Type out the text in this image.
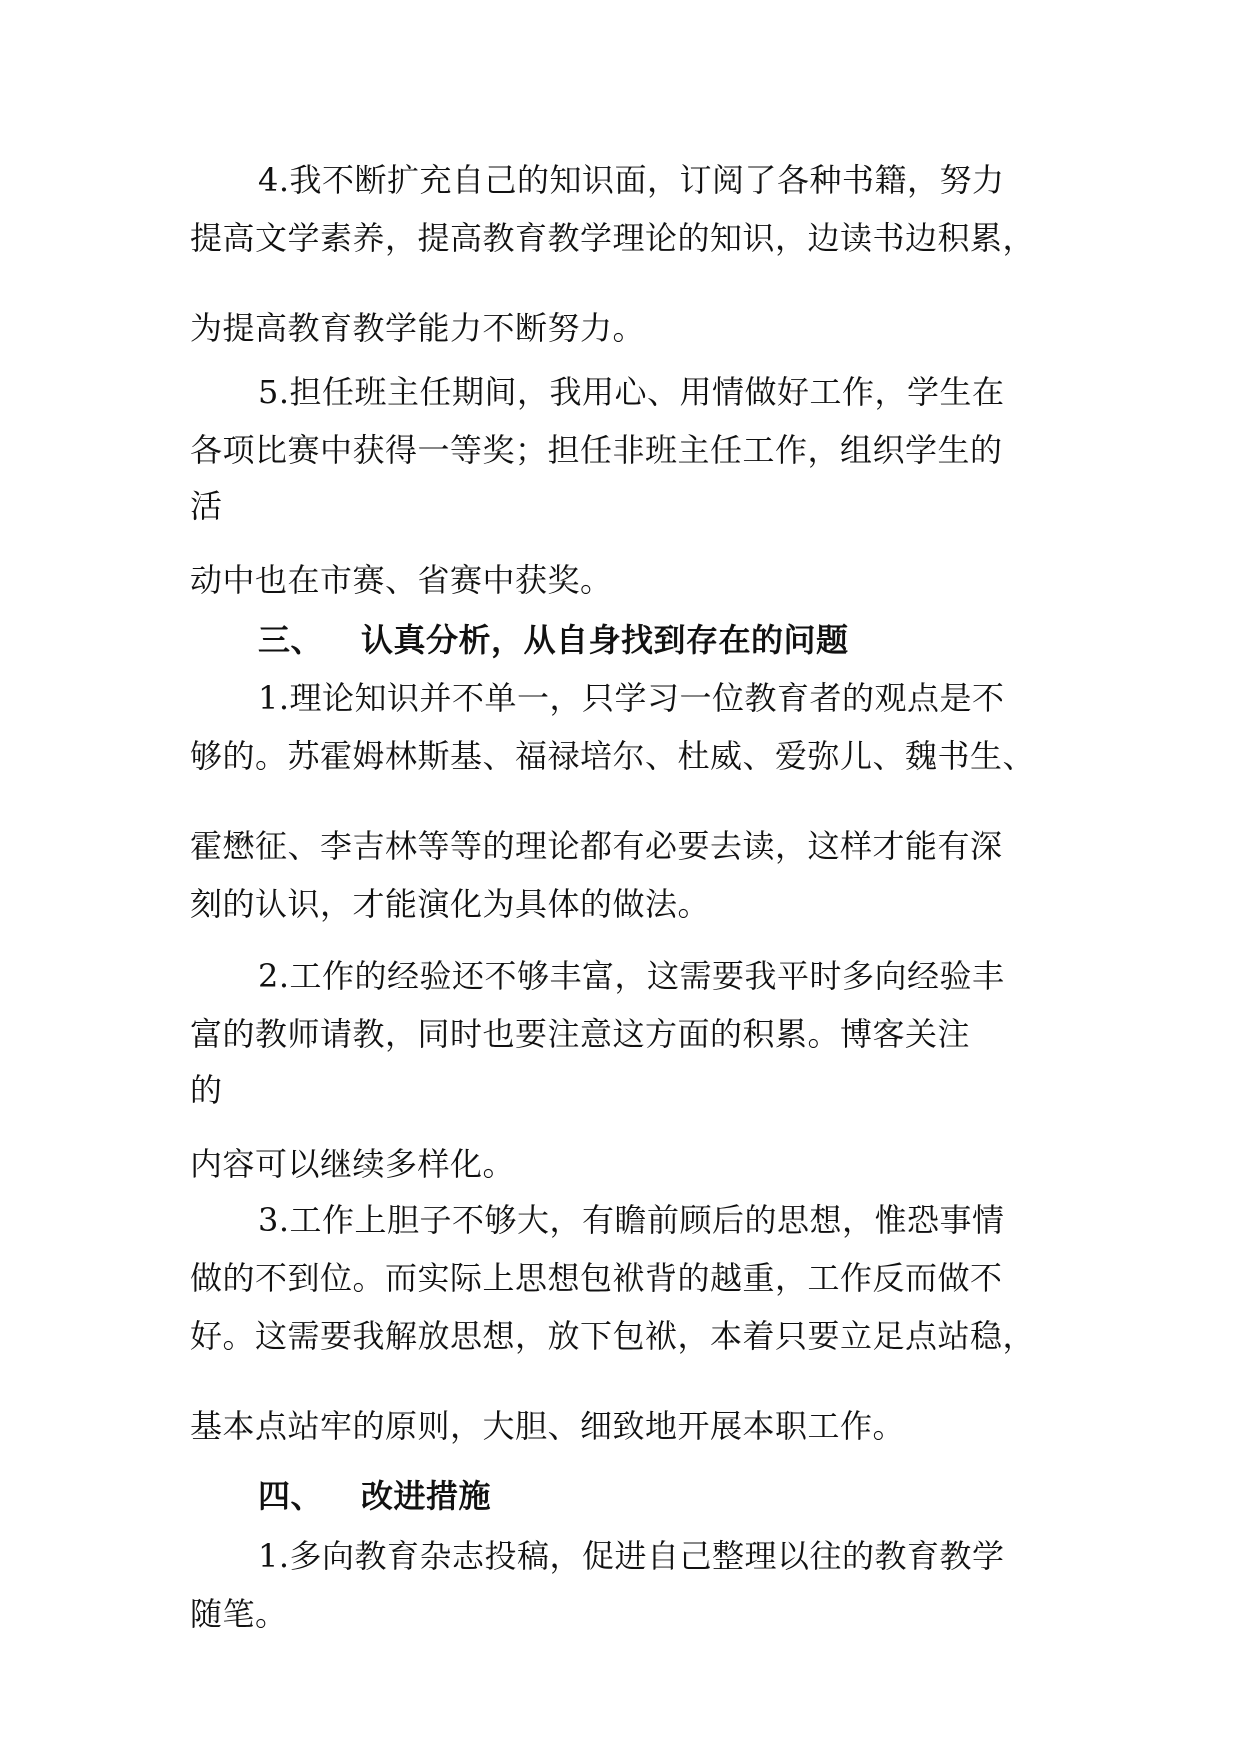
4.我不断扩充自己的知识面，订阅了各种书籍，努力
提高文学素养，提高教育教学理论的知识，边读书边积累，
为提高教育教学能力不断努力。
5.担任班主任期间，我用心、用情做好工作，学生在
各项比赛中获得一等奖；担任非班主任工作，组织学生的
活
动中也在市赛、省赛中获奖。
三、 认真分析，从自身找到存在的问题
1.理论知识并不单一，只学习一位教育者的观点是不
够的。苏霍姆林斯基、福禄培尔、杜威、爱弥儿、魏书生、
霍懋征、李吉林等等的理论都有必要去读，这样才能有深
刻的认识，才能演化为具体的做法。
2.工作的经验还不够丰富，这需要我平时多向经验丰
富的教师请教，同时也要注意这方面的积累。博客关注
的
内容可以继续多样化。
3.工作上胆子不够大，有瞻前顾后的思想，惟恐事情
做的不到位。而实际上思想包袱背的越重，工作反而做不
好。这需要我解放思想，放下包袱，本着只要立足点站稳，
基本点站牢的原则，大胆、细致地开展本职工作。
四、 改进措施
1.多向教育杂志投稿，促进自己整理以往的教育教学
随笔。
